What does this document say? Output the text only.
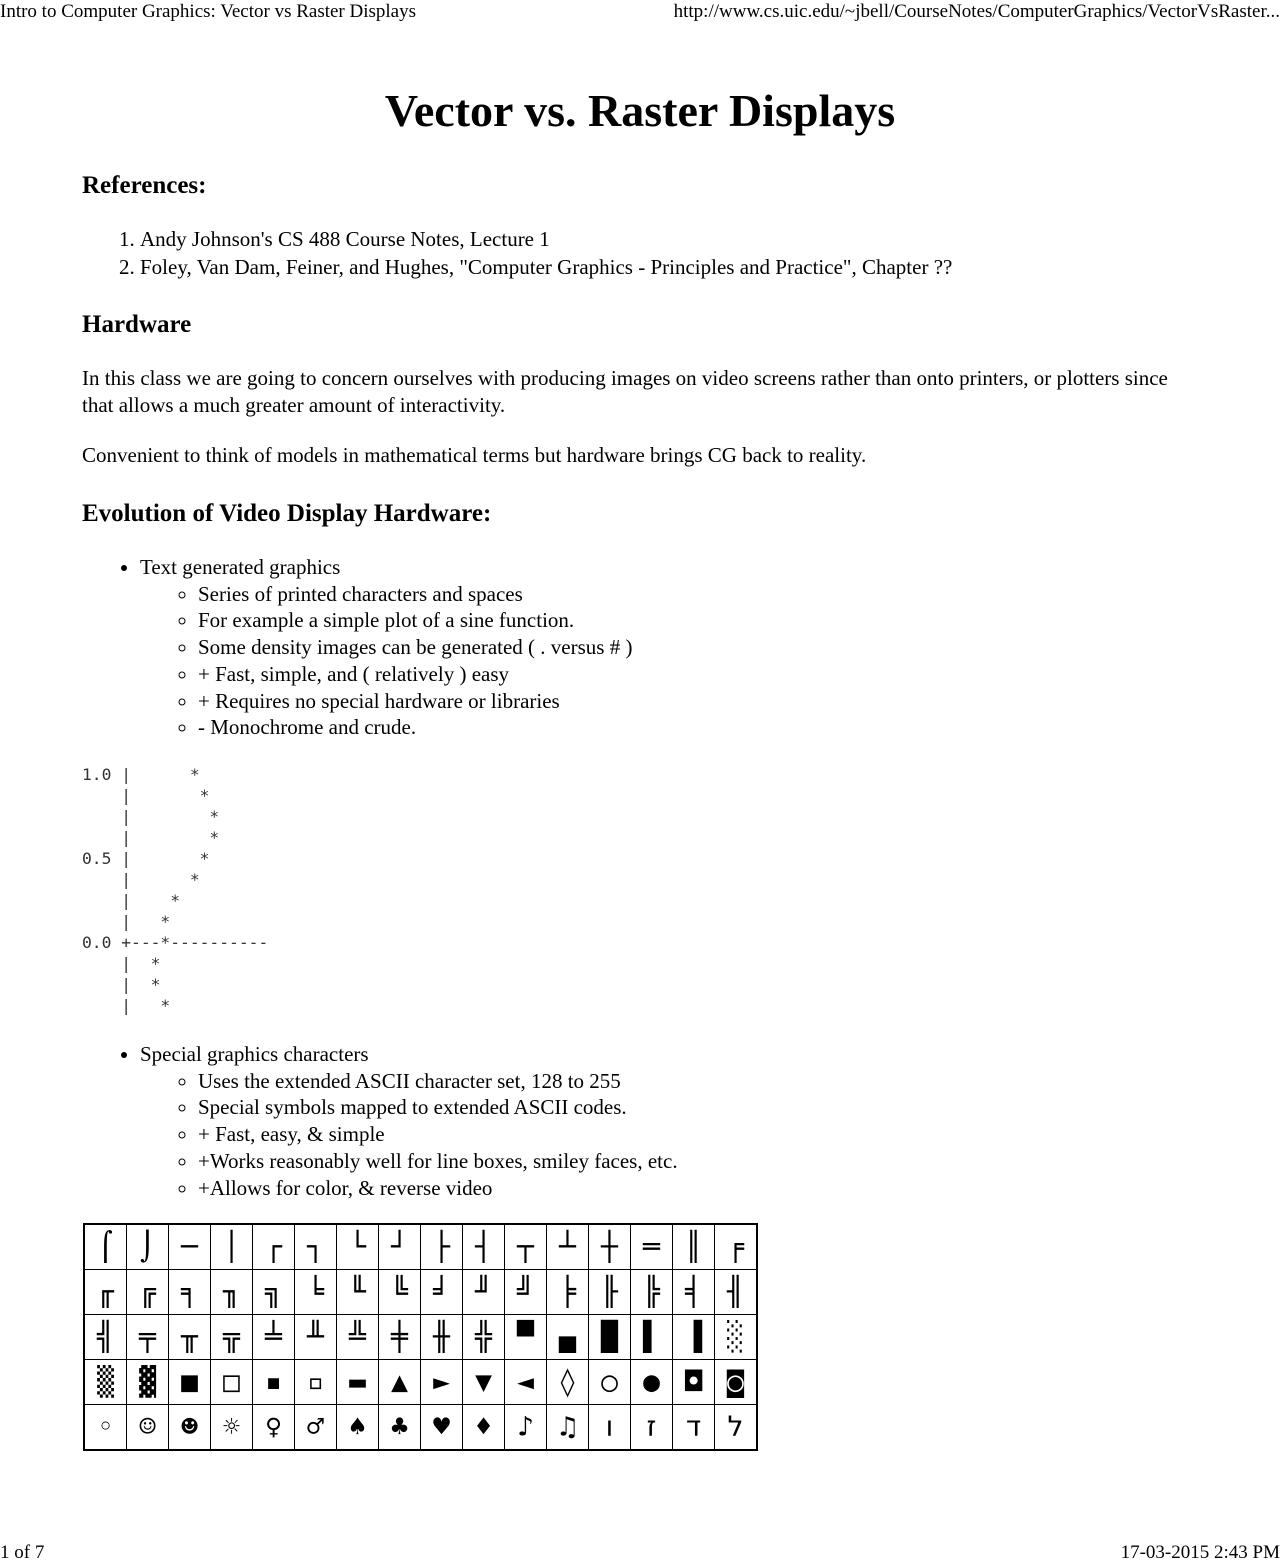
Intro to Computer Graphics: Vector vs Raster Displays	http://www.cs.uic.edu/~jbell/CourseNotes/ComputerGraphics/VectorVsRaster...
Vector vs. Raster Displays
References:
1. Andy Johnson's CS 488 Course Notes, Lecture 1
2. Foley, Van Dam, Feiner, and Hughes, "Computer Graphics - Principles and Practice", Chapter ??
Hardware

In this class we are going to concern ourselves with producing images on video screens rather than onto printers, or plotters since that allows a much greater amount of interactivity.

Convenient to think of models in mathematical terms but hardware brings CG back to reality.

Evolution of Video Display Hardware:
• Text generated graphics
◦ Series of printed characters and spaces
◦ For example a simple plot of a sine function.
◦ Some density images can be generated ( . versus # )
◦ + Fast, simple, and ( relatively ) easy
◦ + Requires no special hardware or libraries
◦ - Monochrome and crude.
1.0 |      *
|       *
|        *
|        *
0.5 |       *
|      *
|    *
|   *
0.0 +---*----------
|  *
|  *
|   *
• Special graphics characters
◦ Uses the extended ASCII character set, 128 to 255
◦ Special symbols mapped to extended ASCII codes.
◦ + Fast, easy, & simple
◦ +Works reasonably well for line boxes, smiley faces, etc.
◦ +Allows for color, & reverse video
⌠	⌡	─	│	┌	┐	└	┘	├	┤	┬	┴	┼	═	║	╒
╓	╔	╕	╖	╗	╘	╙	╚	╛	╜	╝	╞	╟	╠	╡	╢
╣	╤	╥	╦	╧	╨	╩	╪	╫	╬	▀	▄	█	▌	▐	░
▒	▓	■	□	▪	▫	▬	▲	►	▼	◄	◊	○	●	◘	◙
◦	☺	☻	☼	♀	♂	♠	♣	♥	♦	♪	♫	ו	ז	ד	ל
1 of 7	17-03-2015 2:43 PM
